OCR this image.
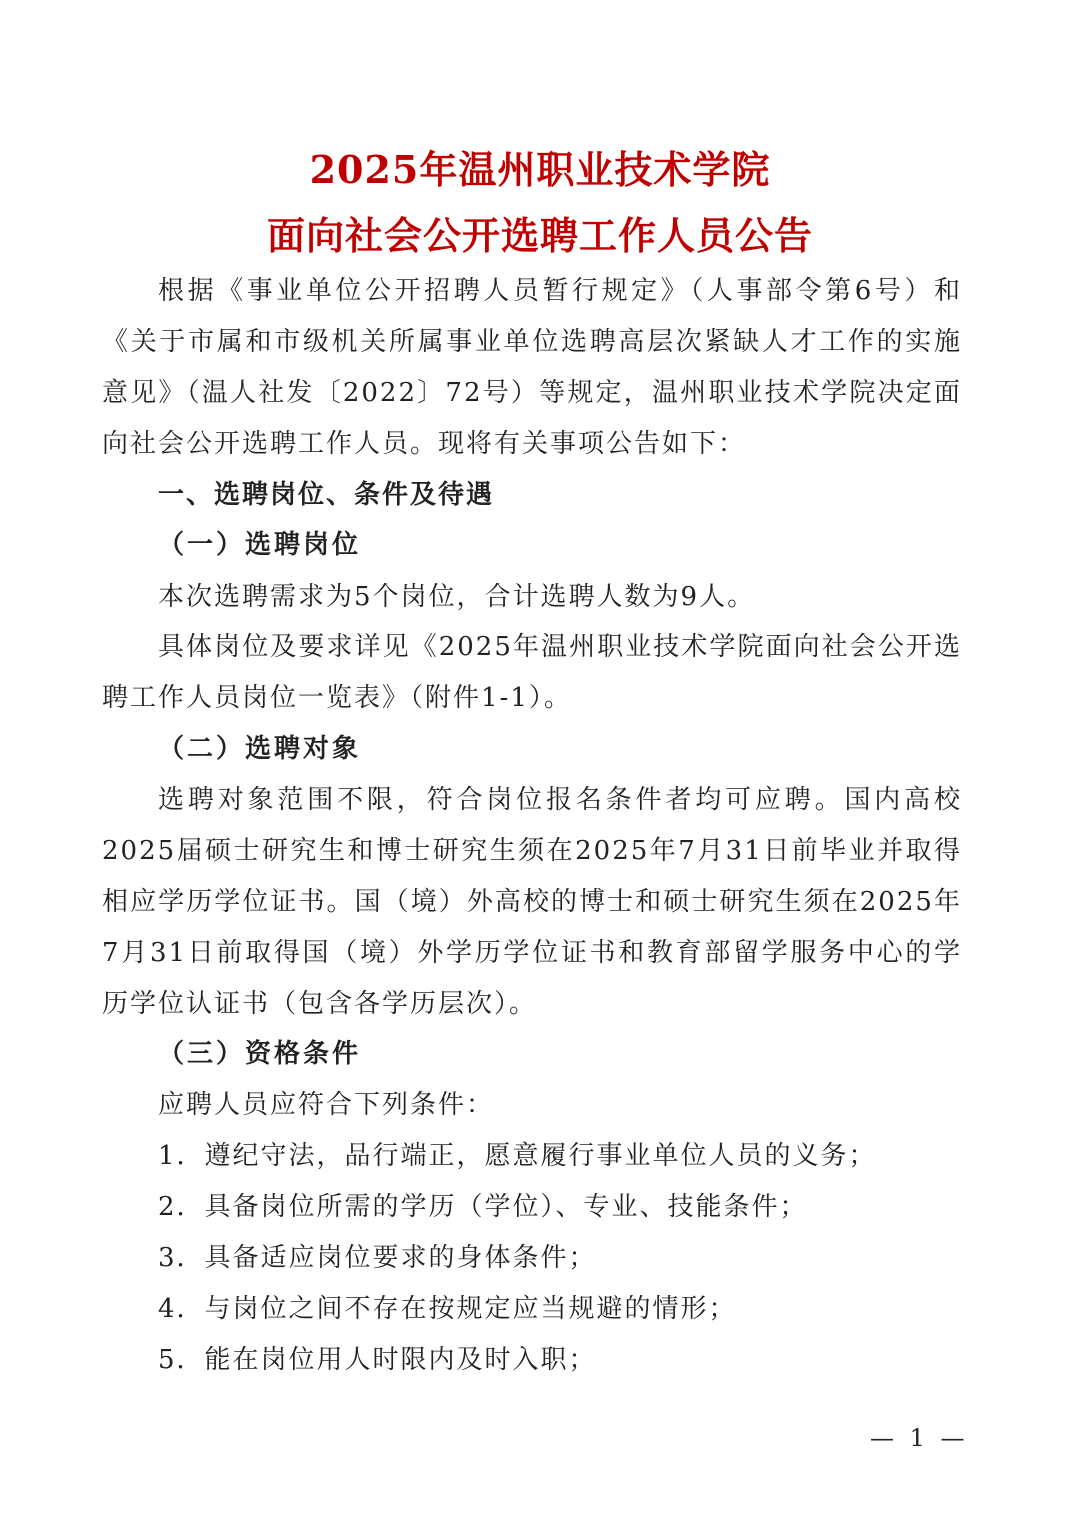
2025年温州职业技术学院
面向社会公开选聘工作人员公告
根据《事业单位公开招聘人员暂行规定》（人事部令第6号）和《关于市属和市级机关所属事业单位选聘高层次紧缺人才工作的实施意见》（温人社发〔2022〕72号）等规定，温州职业技术学院决定面向社会公开选聘工作人员。现将有关事项公告如下：
一、选聘岗位、条件及待遇
（一）选聘岗位
本次选聘需求为5个岗位，合计选聘人数为9人。
具体岗位及要求详见《2025年温州职业技术学院面向社会公开选聘工作人员岗位一览表》（附件1-1）。
（二）选聘对象
选聘对象范围不限，符合岗位报名条件者均可应聘。国内高校2025届硕士研究生和博士研究生须在2025年7月31日前毕业并取得相应学历学位证书。国（境）外高校的博士和硕士研究生须在2025年7月31日前取得国（境）外学历学位证书和教育部留学服务中心的学历学位认证书（包含各学历层次）。
（三）资格条件
应聘人员应符合下列条件：
1．遵纪守法，品行端正，愿意履行事业单位人员的义务；
2．具备岗位所需的学历（学位）、专业、技能条件；
3．具备适应岗位要求的身体条件；
4．与岗位之间不存在按规定应当规避的情形；
5．能在岗位用人时限内及时入职；
— 1 —
